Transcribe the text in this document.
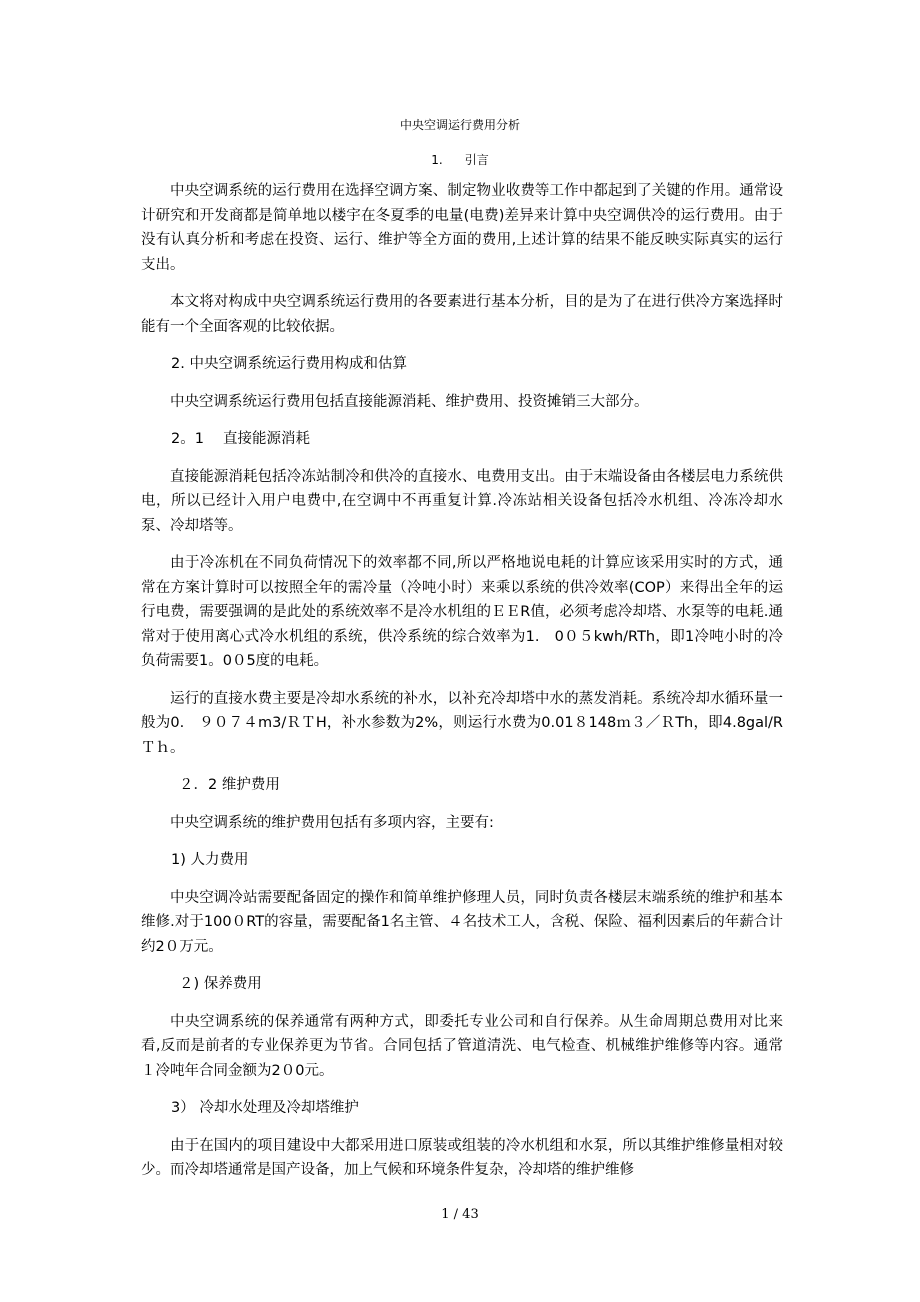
中央空调运行费用分析
1. 引言

中央空调系统的运行费用在选择空调方案、制定物业收费等工作中都起到了关键的作用。通常设计研究和开发商都是简单地以楼宇在冬夏季的电量(电费)差异来计算中央空调供冷的运行费用。由于没有认真分析和考虑在投资、运行、维护等全方面的费用,上述计算的结果不能反映实际真实的运行支出。

本文将对构成中央空调系统运行费用的各要素进行基本分析，目的是为了在进行供冷方案选择时能有一个全面客观的比较依据。

2. 中央空调系统运行费用构成和估算

中央空调系统运行费用包括直接能源消耗、维护费用、投资摊销三大部分。

2。1　 直接能源消耗

直接能源消耗包括冷冻站制冷和供冷的直接水、电费用支出。由于末端设备由各楼层电力系统供电，所以已经计入用户电费中,在空调中不再重复计算.冷冻站相关设备包括冷水机组、冷冻冷却水泵、冷却塔等。

由于冷冻机在不同负荷情况下的效率都不同,所以严格地说电耗的计算应该采用实时的方式，通常在方案计算时可以按照全年的需冷量（冷吨小时）来乘以系统的供冷效率(COP）来得出全年的运行电费，需要强调的是此处的系统效率不是冷水机组的ＥＥR值，必须考虑冷却塔、水泵等的电耗.通常对于使用离心式冷水机组的系统，供冷系统的综合效率为1.　0０５kwh/RTh，即1冷吨小时的冷负荷需要1。0０5度的电耗。

运行的直接水费主要是冷却水系统的补水，以补充冷却塔中水的蒸发消耗。系统冷却水循环量一般为0.　９０７４m3/ＲＴH，补水参数为2%，则运行水费为0.01８148ｍ３／ＲTh，即4.8gal/RＴｈ。

２．2 维护费用

中央空调系统的维护费用包括有多项内容，主要有:

1) 人力费用

中央空调冷站需要配备固定的操作和简单维护修理人员，同时负责各楼层末端系统的维护和基本维修.对于100０RT的容量，需要配备1名主管、４名技术工人，含税、保险、福利因素后的年薪合计约2０万元。

２) 保养费用

中央空调系统的保养通常有两种方式，即委托专业公司和自行保养。从生命周期总费用对比来看,反而是前者的专业保养更为节省。合同包括了管道清洗、电气检查、机械维护维修等内容。通常１冷吨年合同金额为2０0元。

3） 冷却水处理及冷却塔维护

由于在国内的项目建设中大都采用进口原装或组装的冷水机组和水泵，所以其维护维修量相对较少。而冷却塔通常是国产设备，加上气候和环境条件复杂，冷却塔的维护维修

1 / 43
